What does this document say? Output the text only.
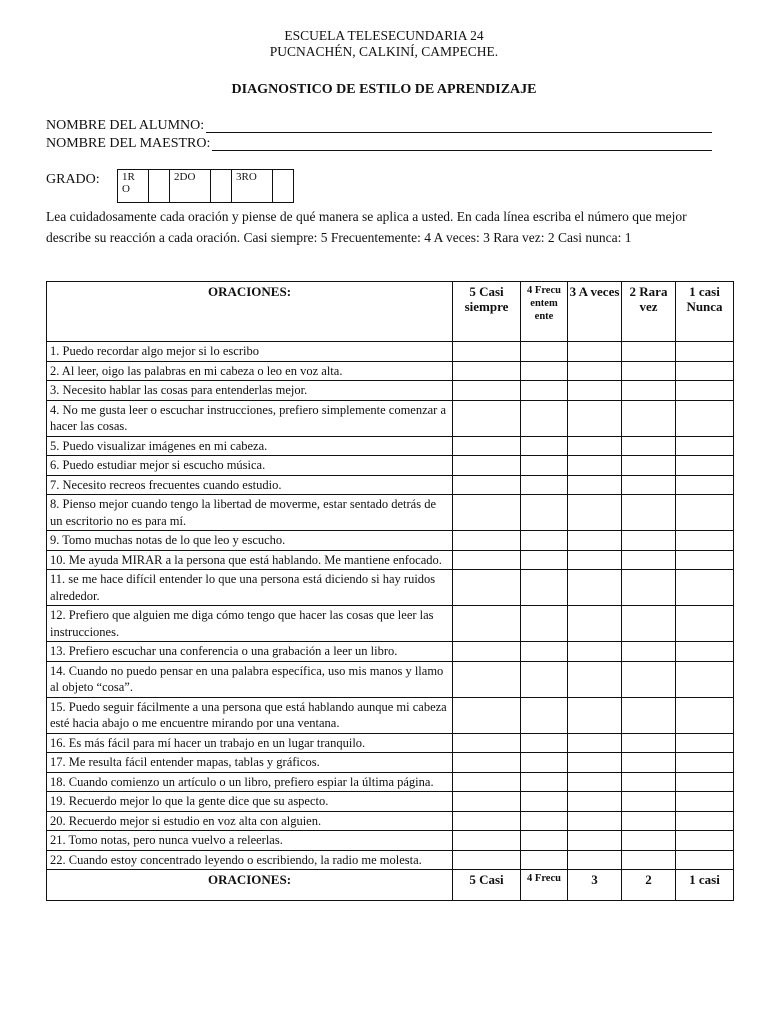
ESCUELA TELESECUNDARIA 24
PUCNACHÉN, CALKINÍ, CAMPECHE.
DIAGNOSTICO DE ESTILO DE APRENDIZAJE
NOMBRE DEL ALUMNO:
NOMBRE DEL MAESTRO:
GRADO: 1R O		2DO		3RO	
Lea cuidadosamente cada oración y piense de qué manera se aplica a usted. En cada línea escriba el número que mejor describe su reacción a cada oración. Casi siempre: 5 Frecuentemente: 4 A veces: 3 Rara vez: 2 Casi nunca: 1
ORACIONES:	5 Casi siempre	4 Frecu entem ente	3 A veces	2 Rara vez	1 casi Nunca
1. Puedo recordar algo mejor si lo escribo					
2. Al leer, oigo las palabras en mi cabeza o leo en voz alta.					
3. Necesito hablar las cosas para entenderlas mejor.					
4. No me gusta leer o escuchar instrucciones, prefiero simplemente comenzar a hacer las cosas.					
5. Puedo visualizar imágenes en mi cabeza.					
6. Puedo estudiar mejor si escucho música.					
7. Necesito recreos frecuentes cuando estudio.					
8. Pienso mejor cuando tengo la libertad de moverme, estar sentado detrás de un escritorio no es para mí.					
9. Tomo muchas notas de lo que leo y escucho.					
10. Me ayuda MIRAR a la persona que está hablando. Me mantiene enfocado.					
11. se me hace difícil entender lo que una persona está diciendo si hay ruidos alrededor.					
12. Prefiero que alguien me diga cómo tengo que hacer las cosas que leer las instrucciones.					
13. Prefiero escuchar una conferencia o una grabación a leer un libro.					
14. Cuando no puedo pensar en una palabra específica, uso mis manos y llamo al objeto “cosa”.					
15. Puedo seguir fácilmente a una persona que está hablando aunque mi cabeza esté hacia abajo o me encuentre mirando por una ventana.					
16. Es más fácil para mí hacer un trabajo en un lugar tranquilo.					
17. Me resulta fácil entender mapas, tablas y gráficos.					
18. Cuando comienzo un artículo o un libro, prefiero espiar la última página.					
19. Recuerdo mejor lo que la gente dice que su aspecto.					
20. Recuerdo mejor si estudio en voz alta con alguien.					
21. Tomo notas, pero nunca vuelvo a releerlas.					
22. Cuando estoy concentrado leyendo o escribiendo, la radio me molesta.					
ORACIONES:	5 Casi	4 Frecu	3	2	1 casi
